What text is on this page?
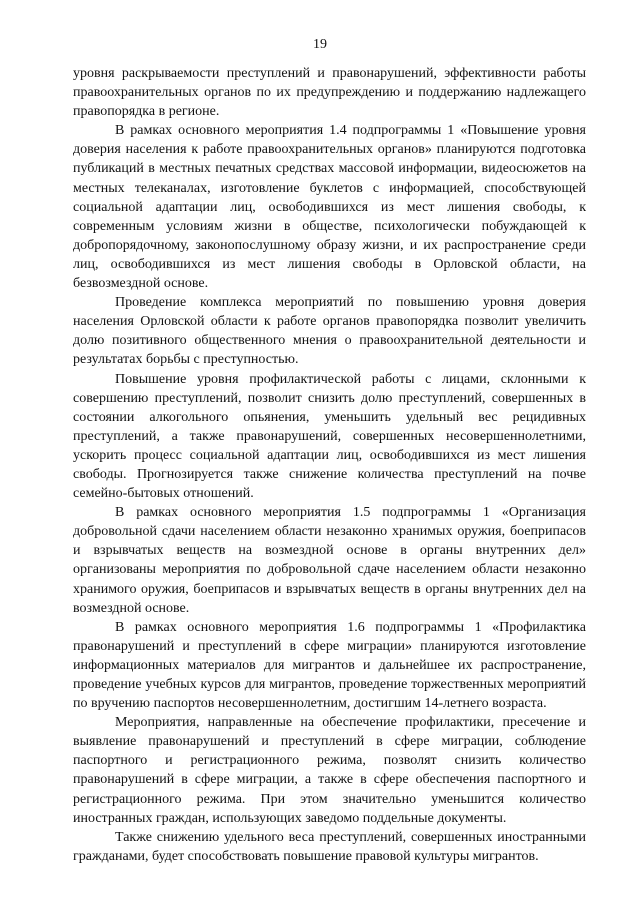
19

уровня раскрываемости преступлений и правонарушений, эффективности работы правоохранительных органов по их предупреждению и поддержанию надлежащего правопорядка в регионе.

В рамках основного мероприятия 1.4 подпрограммы 1 «Повышение уровня доверия населения к работе правоохранительных органов» планируются подготовка публикаций в местных печатных средствах массовой информации, видеосюжетов на местных телеканалах, изготовление буклетов с информацией, способствующей социальной адаптации лиц, освободившихся из мест лишения свободы, к современным условиям жизни в обществе, психологически побуждающей к добропорядочному, законопослушному образу жизни, и их распространение среди лиц, освободившихся из мест лишения свободы в Орловской области, на безвозмездной основе.

Проведение комплекса мероприятий по повышению уровня доверия населения Орловской области к работе органов правопорядка позволит увеличить долю позитивного общественного мнения о правоохранительной деятельности и результатах борьбы с преступностью.

Повышение уровня профилактической работы с лицами, склонными к совершению преступлений, позволит снизить долю преступлений, совершенных в состоянии алкогольного опьянения, уменьшить удельный вес рецидивных преступлений, а также правонарушений, совершенных несовершеннолетними, ускорить процесс социальной адаптации лиц, освободившихся из мест лишения свободы. Прогнозируется также снижение количества преступлений на почве семейно-бытовых отношений.

В рамках основного мероприятия 1.5 подпрограммы 1 «Организация добровольной сдачи населением области незаконно хранимых оружия, боеприпасов и взрывчатых веществ на возмездной основе в органы внутренних дел» организованы мероприятия по добровольной сдаче населением области незаконно хранимого оружия, боеприпасов и взрывчатых веществ в органы внутренних дел на возмездной основе.

В рамках основного мероприятия 1.6 подпрограммы 1 «Профилактика правонарушений и преступлений в сфере миграции» планируются изготовление информационных материалов для мигрантов и дальнейшее их распространение, проведение учебных курсов для мигрантов, проведение торжественных мероприятий по вручению паспортов несовершеннолетним, достигшим 14-летнего возраста.

Мероприятия, направленные на обеспечение профилактики, пресечение и выявление правонарушений и преступлений в сфере миграции, соблюдение паспортного и регистрационного режима, позволят снизить количество правонарушений в сфере миграции, а также в сфере обеспечения паспортного и регистрационного режима. При этом значительно уменьшится количество иностранных граждан, использующих заведомо поддельные документы.

Также снижению удельного веса преступлений, совершенных иностранными гражданами, будет способствовать повышение правовой культуры мигрантов.
